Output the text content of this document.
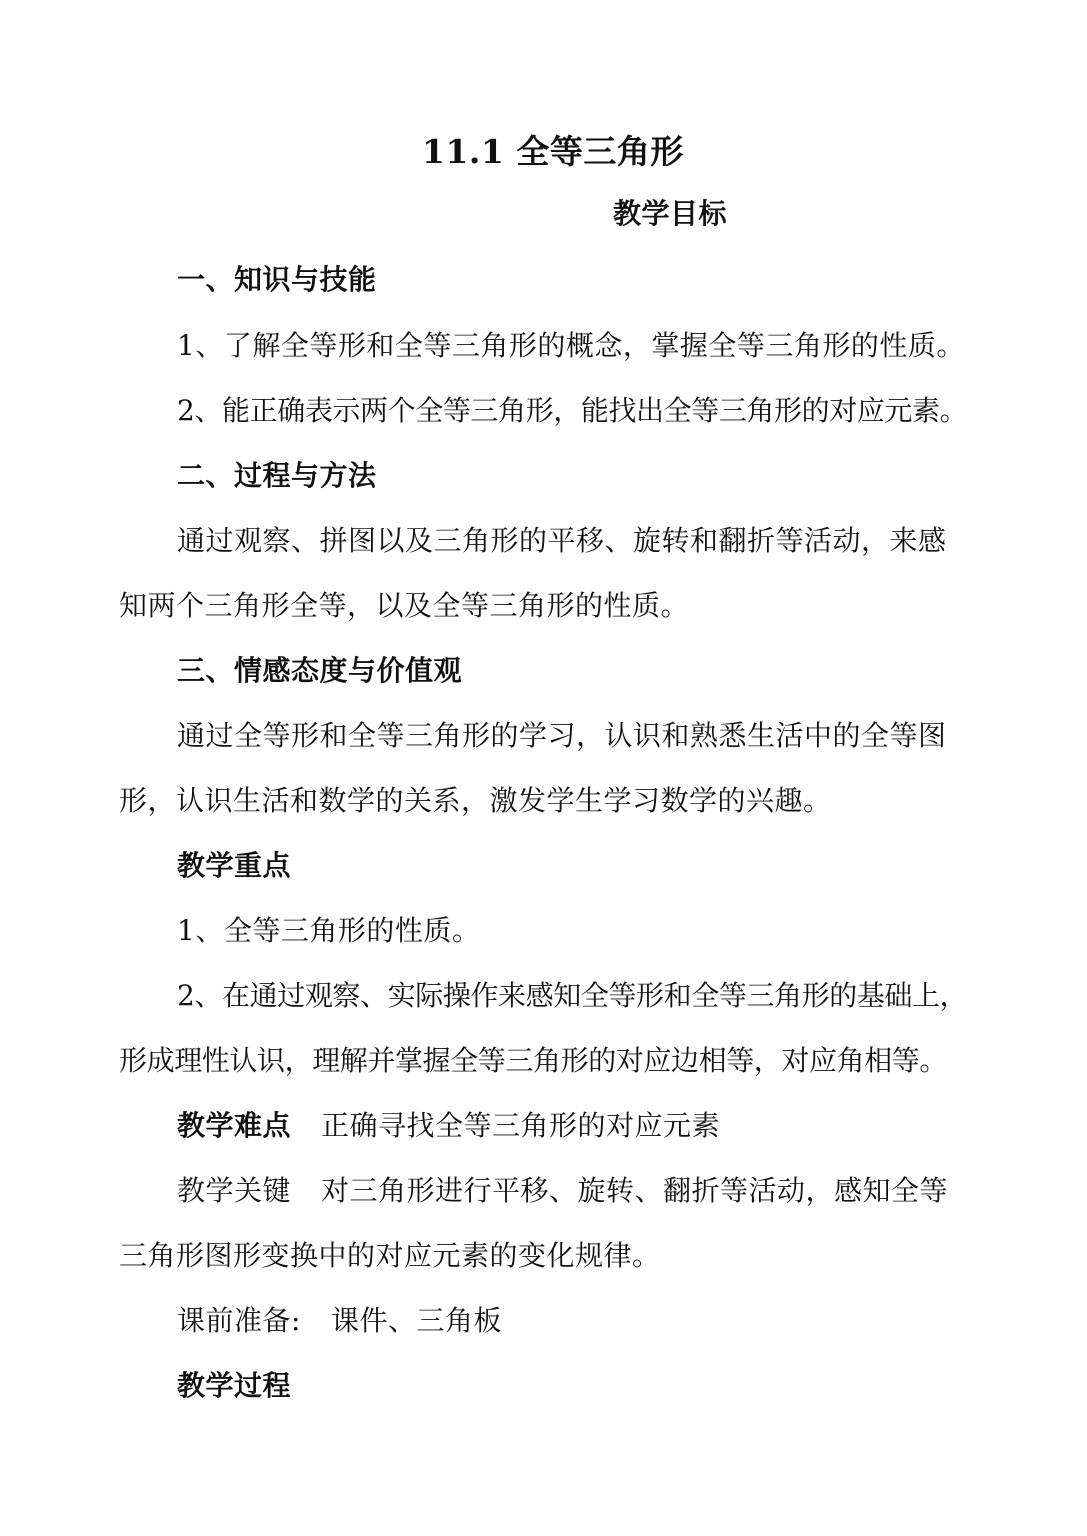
11.1 全等三角形
教学目标
一、知识与技能
1、了解全等形和全等三角形的概念，掌握全等三角形的性质。
2、能正确表示两个全等三角形，能找出全等三角形的对应元素。
二、过程与方法
通过观察、拼图以及三角形的平移、旋转和翻折等活动，来感
知两个三角形全等，以及全等三角形的性质。
三、情感态度与价值观
通过全等形和全等三角形的学习，认识和熟悉生活中的全等图
形，认识生活和数学的关系，激发学生学习数学的兴趣。
教学重点
1、全等三角形的性质。
2、在通过观察、实际操作来感知全等形和全等三角形的基础上，
形成理性认识，理解并掌握全等三角形的对应边相等，对应角相等。
教学难点 正确寻找全等三角形的对应元素
教学关键 对三角形进行平移、旋转、翻折等活动，感知全等
三角形图形变换中的对应元素的变化规律。
课前准备: 课件、三角板
教学过程
